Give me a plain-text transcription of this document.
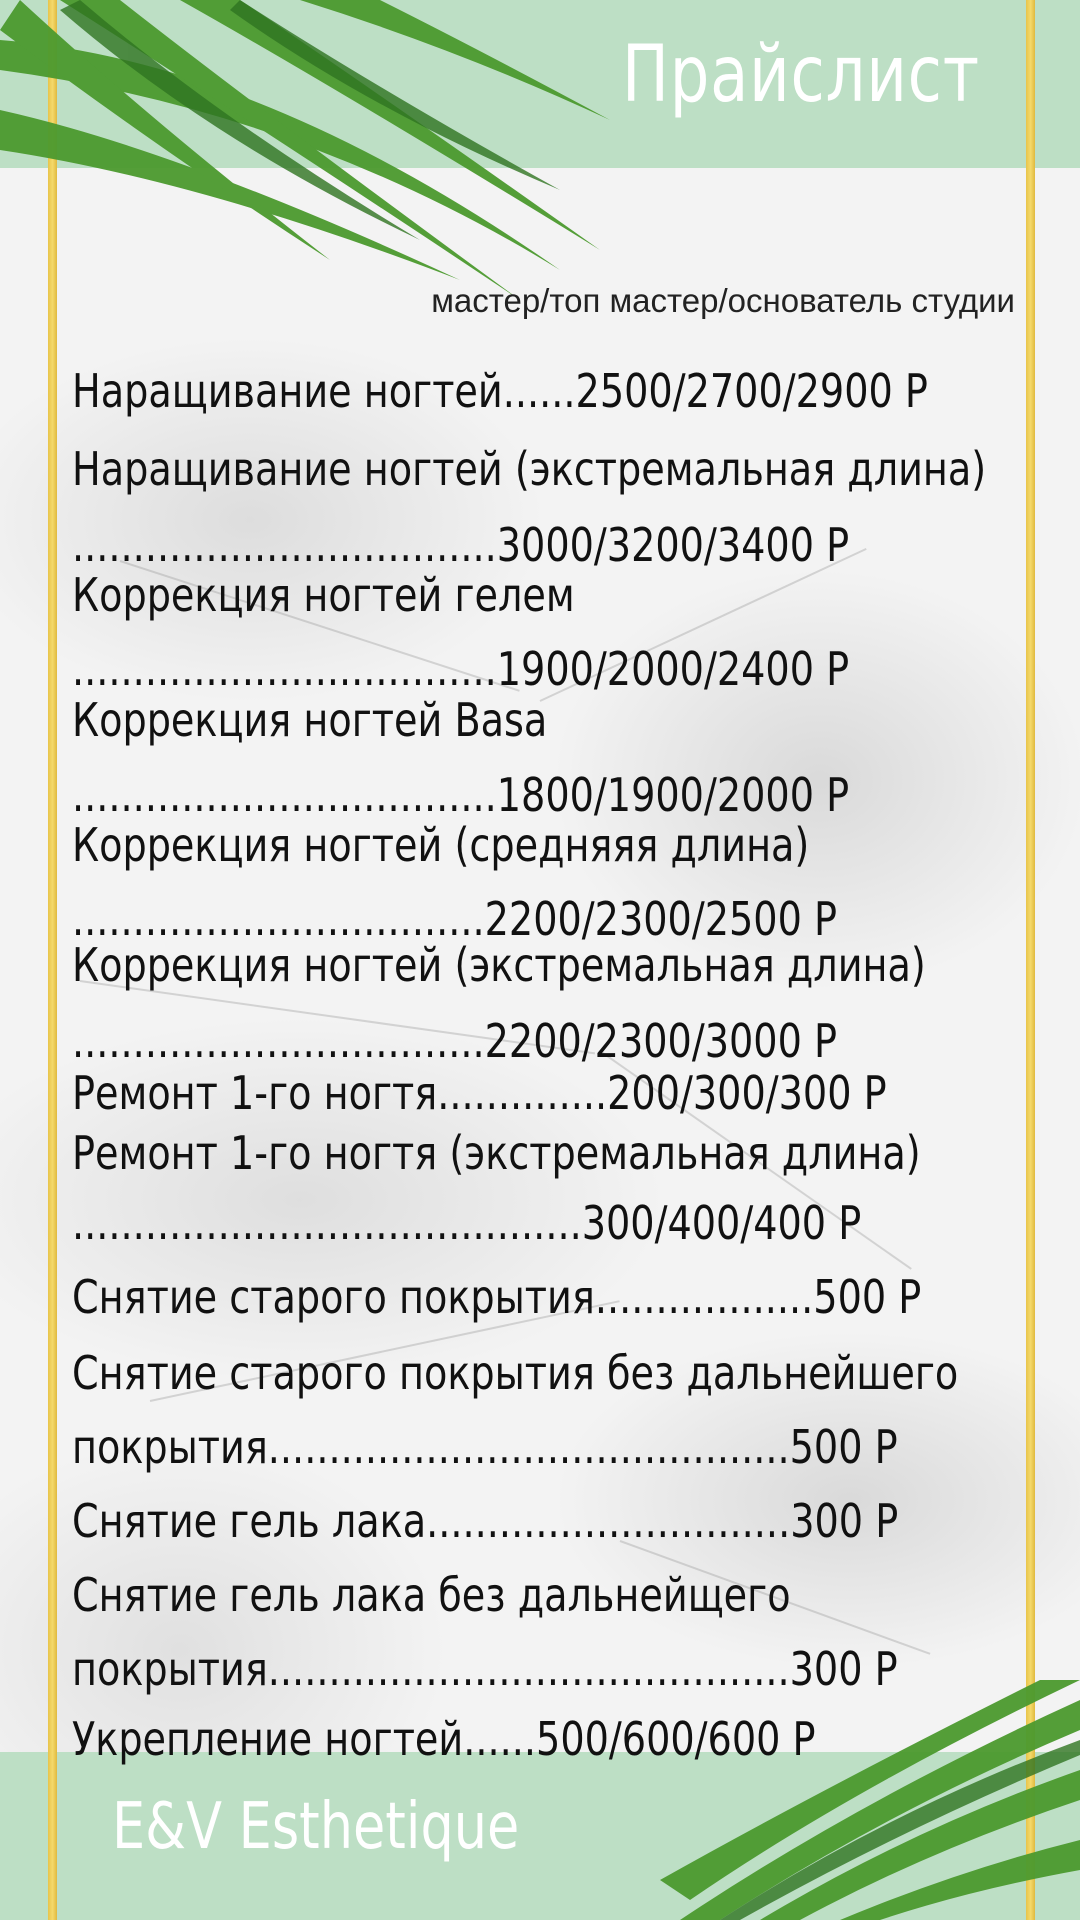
Прайслист
мастер/топ мастер/основатель студии
Наращивание ногтей......2500/2700/2900 Р
Наращивание ногтей (экстремальная длина)
...................................3000/3200/3400 Р
Коррекция ногтей гелем
...................................1900/2000/2400 Р
Коррекция ногтей Basa
...................................1800/1900/2000 Р
Коррекция ногтей (средняяя длина)
..................................2200/2300/2500 Р
Коррекция ногтей (экстремальная длина)
..................................2200/2300/3000 Р
Ремонт 1-го ногтя..............200/300/300 Р
Ремонт 1-го ногтя (экстремальная длина)
..........................................300/400/400 Р
Снятие старого покрытия..................500 Р
Снятие старого покрытия без дальнейшего
покрытия...........................................500 Р
Снятие гель лака..............................300 Р
Снятие гель лака без дальнейщего
покрытия...........................................300 Р
Укрепление ногтей......500/600/600 Р
E&V Esthetique
